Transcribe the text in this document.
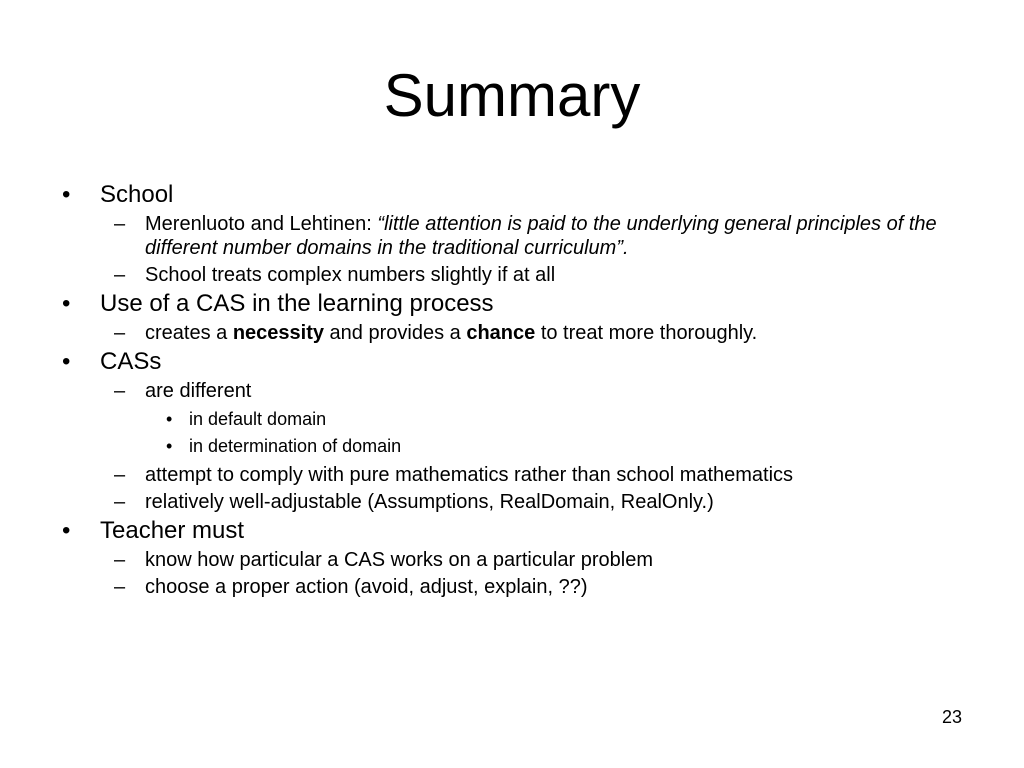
Summary
• School
– Merenluoto and Lehtinen: “little attention is paid to the underlying general principles of the different number domains in the traditional curriculum”.
– School treats complex numbers slightly if at all
• Use of a CAS in the learning process
– creates a necessity and provides a chance to treat more thoroughly.
• CASs
– are different
• in default domain
• in determination of domain
– attempt to comply with pure mathematics rather than school mathematics
– relatively well-adjustable (Assumptions, RealDomain, RealOnly.)
• Teacher must
– know how particular a CAS works on a particular problem
– choose a proper action (avoid, adjust, explain, ??)
23
